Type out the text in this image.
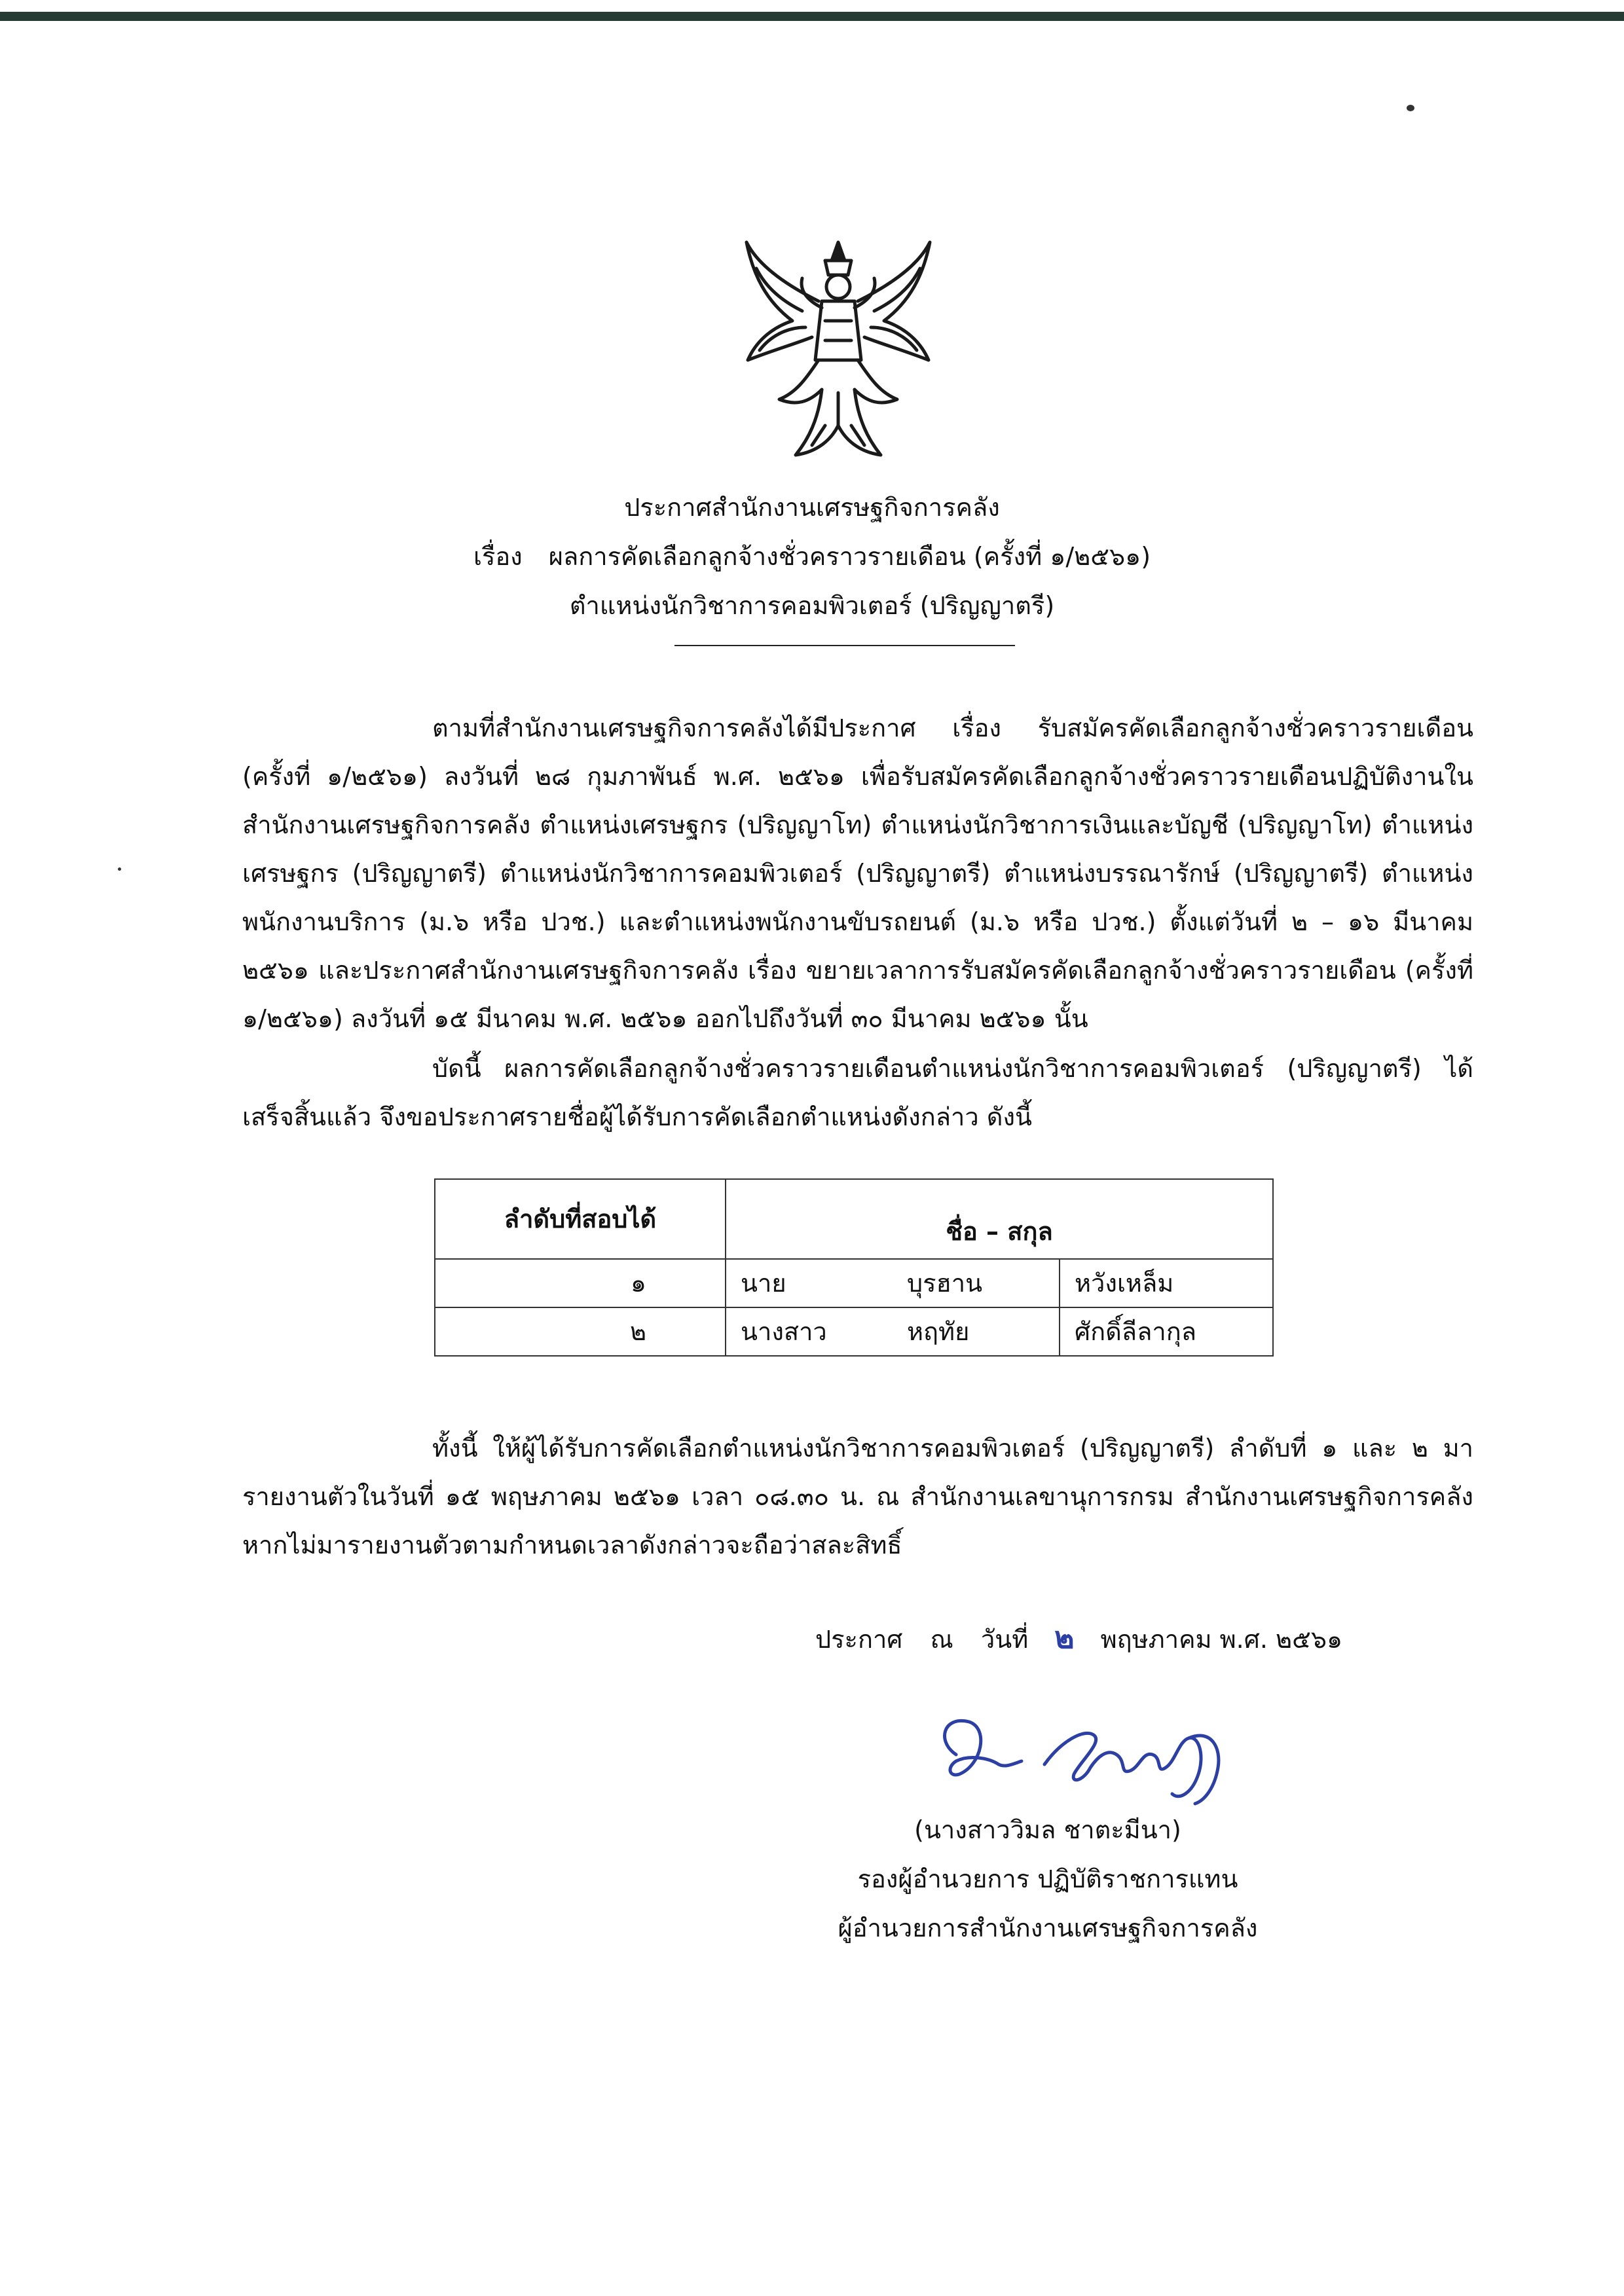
ประกาศสำนักงานเศรษฐกิจการคลัง
เรื่อง ผลการคัดเลือกลูกจ้างชั่วคราวรายเดือน (ครั้งที่ ๑/๒๕๖๑)
ตำแหน่งนักวิชาการคอมพิวเตอร์ (ปริญญาตรี)

ตามที่สำนักงานเศรษฐกิจการคลังได้มีประกาศ เรื่อง รับสมัครคัดเลือกลูกจ้างชั่วคราวรายเดือน (ครั้งที่ ๑/๒๕๖๑) ลงวันที่ ๒๘ กุมภาพันธ์ พ.ศ. ๒๕๖๑ เพื่อรับสมัครคัดเลือกลูกจ้างชั่วคราวรายเดือนปฏิบัติงานในสำนักงานเศรษฐกิจการคลัง ตำแหน่งเศรษฐกร (ปริญญาโท) ตำแหน่งนักวิชาการเงินและบัญชี (ปริญญาโท) ตำแหน่งเศรษฐกร (ปริญญาตรี) ตำแหน่งนักวิชาการคอมพิวเตอร์ (ปริญญาตรี) ตำแหน่งบรรณารักษ์ (ปริญญาตรี) ตำแหน่งพนักงานบริการ (ม.๖ หรือ ปวช.) และตำแหน่งพนักงานขับรถยนต์ (ม.๖ หรือ ปวช.) ตั้งแต่วันที่ ๒ – ๑๖ มีนาคม ๒๕๖๑ และประกาศสำนักงานเศรษฐกิจการคลัง เรื่อง ขยายเวลาการรับสมัครคัดเลือกลูกจ้างชั่วคราวรายเดือน (ครั้งที่ ๑/๒๕๖๑) ลงวันที่ ๑๕ มีนาคม พ.ศ. ๒๕๖๑ ออกไปถึงวันที่ ๓๐ มีนาคม ๒๕๖๑ นั้น

บัดนี้ ผลการคัดเลือกลูกจ้างชั่วคราวรายเดือนตำแหน่งนักวิชาการคอมพิวเตอร์ (ปริญญาตรี) ได้เสร็จสิ้นแล้ว จึงขอประกาศรายชื่อผู้ได้รับการคัดเลือกตำแหน่งดังกล่าว ดังนี้

ลำดับที่สอบได้	ชื่อ – สกุล		
๑	นาย	บุรฮาน	หวังเหล็ม
๒	นางสาว	หฤทัย	ศักดิ์ลีลากุล

ทั้งนี้ ให้ผู้ได้รับการคัดเลือกตำแหน่งนักวิชาการคอมพิวเตอร์ (ปริญญาตรี) ลำดับที่ ๑ และ ๒ มารายงานตัวในวันที่ ๑๕ พฤษภาคม ๒๕๖๑ เวลา ๐๘.๓๐ น. ณ สำนักงานเลขานุการกรม สำนักงานเศรษฐกิจการคลัง หากไม่มารายงานตัวตามกำหนดเวลาดังกล่าวจะถือว่าสละสิทธิ์

ประกาศ ณ วันที่ ๒ พฤษภาคม พ.ศ. ๒๕๖๑
(นางสาววิมล ชาตะมีนา)
รองผู้อำนวยการ ปฏิบัติราชการแทน
ผู้อำนวยการสำนักงานเศรษฐกิจการคลัง
